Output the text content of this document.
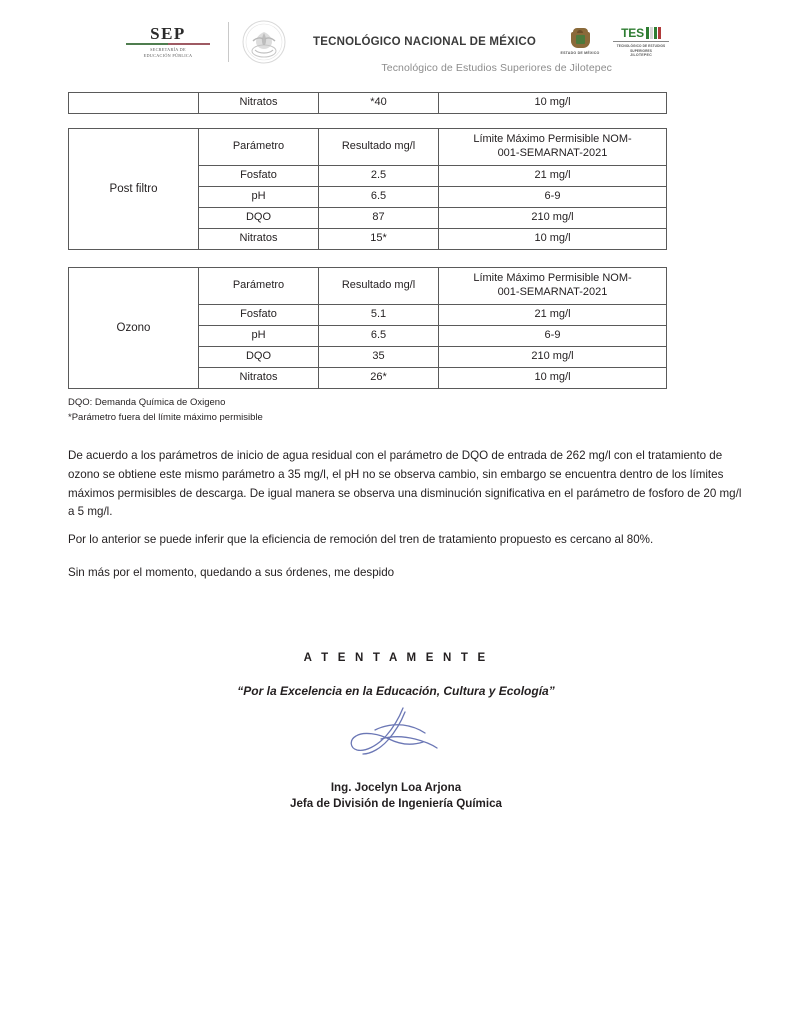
SEP
SECRETARÍA DE
EDUCACIÓN PÚBLICA
TECNOLÓGICO NACIONAL DE MÉXICO
ESTADO DE MÉXICO
TES
TECNOLÓGICO DE ESTUDIOS SUPERIORES
JILOTEPEC
Tecnológico de Estudios Superiores de Jilotepec
	Nitratos	*40	10 mg/l
Post filtro	Parámetro	Resultado mg/l	Límite Máximo Permisible NOM-
001-SEMARNAT-2021
	Fosfato	2.5	21 mg/l
	pH	6.5	6-9
	DQO	87	210 mg/l
	Nitratos	15*	10 mg/l
Ozono	Parámetro	Resultado mg/l	Límite Máximo Permisible NOM-
001-SEMARNAT-2021
	Fosfato	5.1	21 mg/l
	pH	6.5	6-9
	DQO	35	210 mg/l
	Nitratos	26*	10 mg/l
DQO: Demanda Química de Oxigeno
*Parámetro fuera del límite máximo permisible
De acuerdo a los parámetros de inicio de agua residual con el parámetro de DQO de entrada de 262 mg/l con el tratamiento de ozono se obtiene este mismo parámetro a 35 mg/l, el pH no se observa cambio, sin embargo se encuentra dentro de los límites máximos permisibles de descarga. De igual manera se observa una disminución significativa en el parámetro de fosforo de 20 mg/l a 5 mg/l.
Por lo anterior se puede inferir que la eficiencia de remoción del tren de tratamiento propuesto es cercano al 80%.
Sin más por el momento, quedando a sus órdenes, me despido
A T E N T A M E N T E
“Por la Excelencia en la Educación, Cultura y Ecología”
Ing. Jocelyn Loa Arjona
Jefa de División de Ingeniería Química
